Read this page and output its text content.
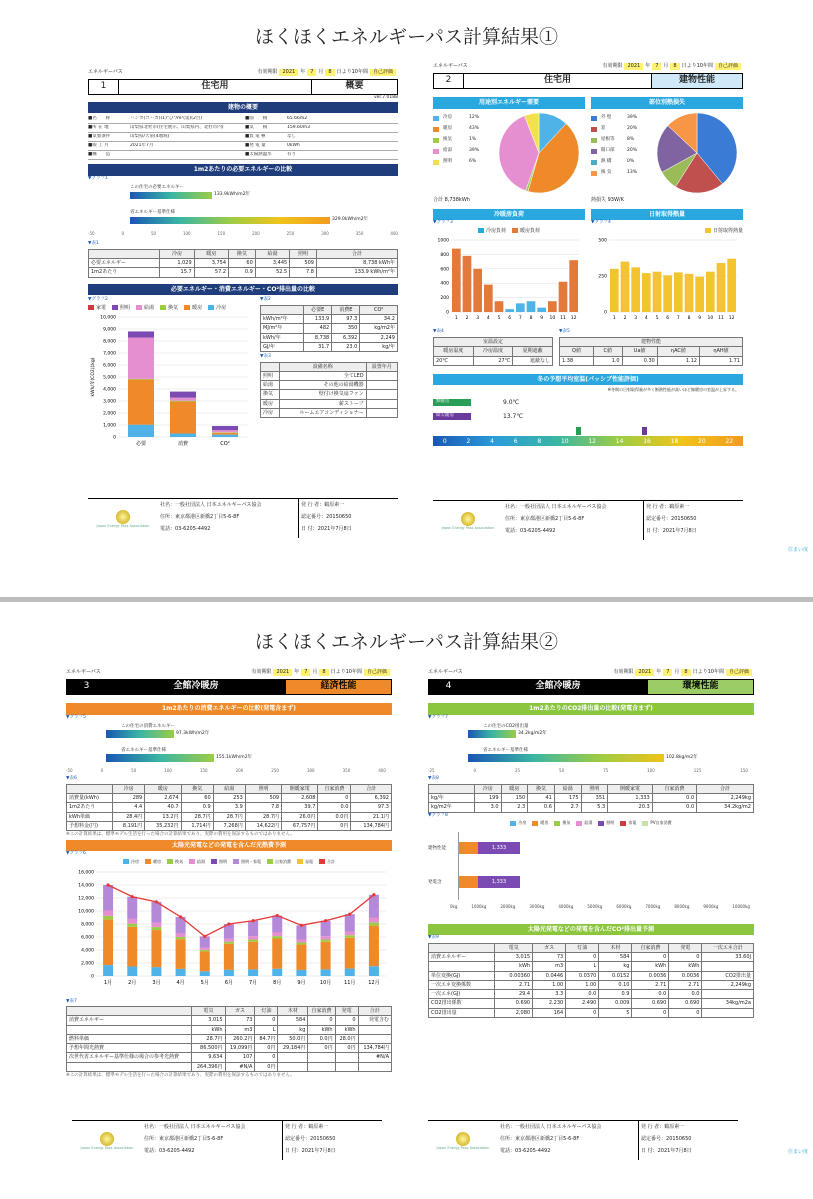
ほくほくエネルギーパス計算結果①
ほくほくエネルギーパス計算結果②
住まい度
住まい度
エネルギーパス	有効期限	2021	年	7	月	8	日より10年間	自己評価
1	住宅用	概要
ver.7.0188
建物の概要
■名　　称	ハンカ(コハカ)(1)"ひ"/m²(延)(2台)	■面　　積	65.66m2
■所 在 地	山梨県北杜市(住宅展示、山梨県内、北杜市内)	■気　　積	159.60m3
■気象条件	山梨県/大泉(4地域)	■負 電 極	なし
■竣 工 月	2021年7月	■発 電 量	0kWh
■構　　造	■太陽熱温水	有り
1m2あたりの必要エネルギーの比較
▼グラフ1
この住宅の必要エネルギー
133.9kWh/m2年
省エネルギー基準仕様
329.0kWh/m2年
-50	0	50	100	150	200	250	300	350	400
▼表1
	冷房	暖房	換気	給湯	照明	合計
必要エネルギー	1,029	3,754	60	3,445	509	8,738 kWh年
1m2あたり	15.7	57.2	0.9	52.5	7.8	133.9 kWh/m²年
必要エネルギー・消費エネルギー・CO²排出量の比較
▼グラフ2
家電	照明	給湯	換気	暖房	冷房
10,000
9,000
8,000
7,000
6,000
5,000
4,000
3,000
2,000
1,000
0
kWh/年(CO2はkg)
必要	消費	CO²
▼表2
	必要E	消費E	CO²
kWh/m²年	133.9	97.3	34.2
MJ/m²年	482	350	kg/m2年
kWh/年	8,738	6,392	2,249
GJ/年	31.7	23.0	kg/年
▼表3
	設備名称	設置年月
照明	全てLED	
給湯	その他の給湯機器	
換気	壁付け換気扇ファン	
暖房	薪ストーブ	
冷房	ルームエアコンディショナー	
Japan Energy Pass Association
社名：一般社団法人 日本エネルギーパス協会
住所：東京都港区新橋2丁目5-6-8F
電話：03-6205-4492
発 行 者：鶴原素一
認定番号：20150650
日 付：2021年7月8日
エネルギーパス	有効期限	2021	年	7	月	8	日より10年間	自己評価
2	住宅用	建物性能
用途別エネルギー需要
冷房	12%
暖房	43%
換気	1%
給湯	39%
照明	6%
合計 8,738kWh
部位別熱損失
外 壁	39%
窓	20%
屋根等	8%
開口部	20%
熱 橋	0%
換 気	13%
熱損失 93W/K
冷暖房負荷
▼グラフ3
冷房負荷	暖房負荷
0
200
400
600
800
1000
1 2 3 4 5 6 7 8 9 10 11 12
日射取得熱量
▼グラフ4
日射取得熱量
0
250
500
1 2 3 4 5 6 7 8 9 10 11 12
▼表4
室温設定		
暖房温度	冷房温度	夏期遮蔽
20℃	27℃	遮蔽なし
▼表5
建物性能				
Q値	C値	Ua値	ηAC値	ηAH値
1.38	1.0	0.30	1.12	1.71
冬の予想平均室温(パッシブ性能評価)
※冬期の日射取得量が多く断熱性能が高いほど無暖房の室温が上昇する。
無暖房	9.0℃
間欠暖房	13.7℃
0	2	4	6	8	10	12	14	16	18	20	22
Japan Energy Pass Association
社名：一般社団法人 日本エネルギーパス協会
住所：東京都港区新橋2丁目5-6-8F
電話：03-6205-4492
発 行 者：鶴原素一
認定番号：20150650
日 付：2021年7月8日
エネルギーパス	有効期限	2021	年	7	月	8	日より10年間	自己評価
3	全館冷暖房	経済性能
1m2あたりの消費エネルギーの比較(発電含まず)
▼グラフ5
この住宅の消費エネルギー
97.3kWh/m2年
省エネルギー基準仕様
155.1kWh/m2年
-50	0	50	100	150	200	250	300	350	400
▼表6
	冷房	暖房	換気	給湯	照明	開暖家電	自家消費	合計
消費量(kWh)	289	2,674	60	253	509	2,608	0	6,392
1m2あたり	4.4	40.7	0.9	3.9	7.8	39.7	0.0	97.3
kWh単価	28.4円	13.2円	28.7円	28.7円	28.7円	26.0円	0.0円	21.1円
予想料金(円)	8,191円	35,232円	1,714円	7,268円	14,622円	67,757円	0円	134,784円
※この計算結果は、標準モデル生活を行った場合の計算結果であり、実際の費用を保証するものではありません。
太陽光発電などの発電を含んだ光熱費予測
▼グラフ6
冷房	暖房	換気	給湯	照明	照明・家電	自家消費	発電	合計
16,000
14,000
12,000
10,000
8,000
6,000
4,000
2,000
0
1月	2月	3月	4月	5月	6月	7月	8月	9月	10月	11月	12月
▼表7
	電気	ガス	灯油	木材	自家消費	発電	合計
消費エネルギー	3,015	73	0	584	0	0	発電含む
	kWh	m3	L	kg	kWh	kWh	
燃料単価	28.7円	260.2円	84.7円	50.0円	0.0円	28.0円	
予想年間光熱費	86,500円	19,099円	0円	29,184円	0円	0円	134,784円
次世代省エネルギー基準仕様の場合の参考光熱費	9,634	107	0				#N/A
	264,396円	#N/A	0円				
※この計算結果は、標準モデル生活を行った場合の計算結果であり、実際の費用を保証するものではありません。
Japan Energy Pass Association
社名：一般社団法人 日本エネルギーパス協会
住所：東京都港区新橋2丁目5-6-8F
電話：03-6205-4492
発 行 者：鶴原素一
認定番号：20150650
日 付：2021年7月8日
エネルギーパス	有効期限	2021	年	7	月	8	日より10年間	自己評価
4	全館冷暖房	環境性能
1m2あたりのCO2排出量の比較(発電含まず)
▼グラフ7
この住宅のCO2排出量
34.2kg/m2年
省エネルギー基準仕様
102.8kg/m2年
-25	0	25	50	75	100	125	150
▼表8
	冷房	暖房	換気	給湯	照明	開暖家電	自家消費	合計
kg/年	199	150	41	175	351	1,333	0.0	2,249kg
kg/m2年	3.0	2.3	0.6	2.7	5.3	20.3	0.0	34.2kg/m2
▼グラフ8
冷房	暖房	換気	給湯	照明	家電	PV自家消費
建物性能	1,333
発電含	1,333
0kg	1000kg	2000kg	3000kg	4000kg	5000kg	6000kg	7000kg	8000kg	9000kg	10000kg
太陽光発電などの発電を含んだCO²排出量予測
▼表9
	電気	ガス	灯油	木材	自家消費	発電	一次エネ合計
消費エネルギー	3,015	73	0	584	0	0	33.60J
	kWh	m3	L	kg	kWh	kWh	
単位変換(GJ)	0.00360	0.0446	0.0370	0.0152	0.0036	0.0036	CO2排出量
一次エネ変換係数	2.71	1.00	1.00	0.10	2.71	2.71	2,249kg
一次エネ(GJ)	29.4	3.3	0.0	0.9	0.0	0.0	
CO2排出係数	0.690	2.230	2.490	0.009	0.690	0.690	34kg/m2a
CO2排出量	2,080	164	0	5	0	0	
Japan Energy Pass Association
社名：一般社団法人 日本エネルギーパス協会
住所：東京都港区新橋2丁目5-6-8F
電話：03-6205-4492
発 行 者：鶴原素一
認定番号：20150650
日 付：2021年7月8日
